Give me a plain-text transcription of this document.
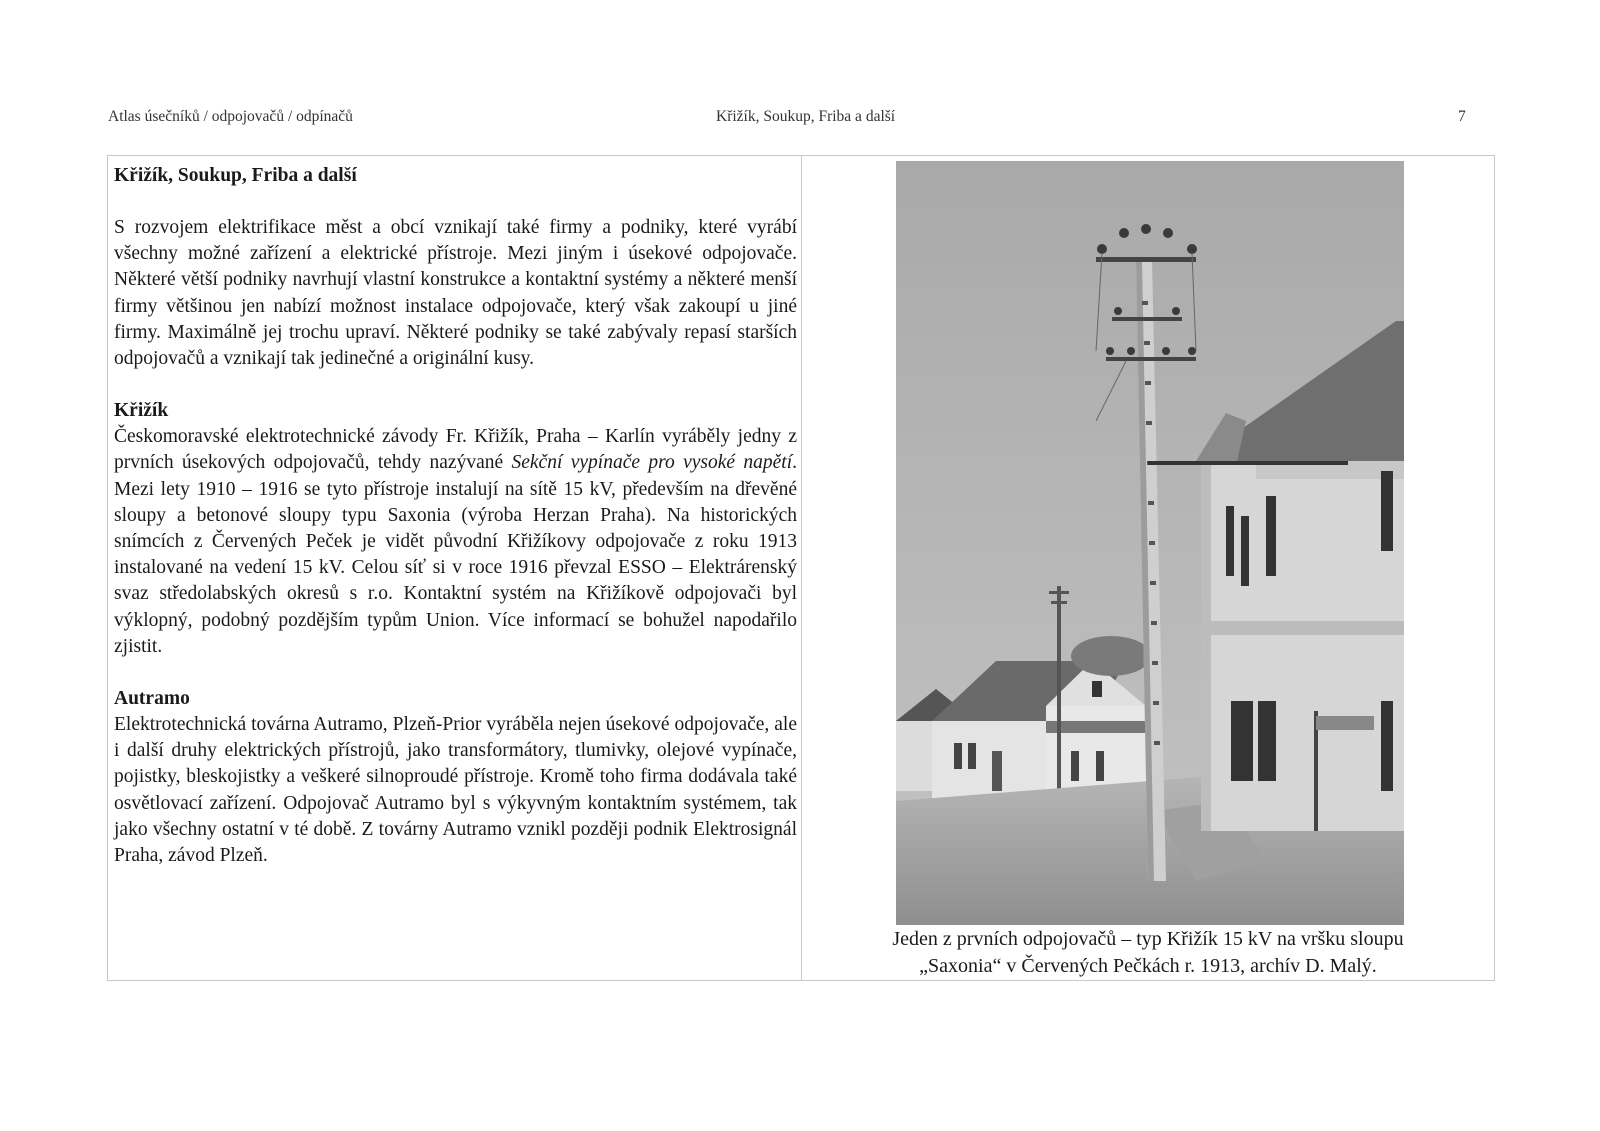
Atlas úsečníků / odpojovačů / odpínačů	Křižík, Soukup, Friba a další	7
Křižík, Soukup, Friba a další

S rozvojem elektrifikace měst a obcí vznikají také firmy a podniky, které vyrábí všechny možné zařízení a elektrické přístroje. Mezi jiným i úsekové odpojovače. Některé větší podniky navrhují vlastní konstrukce a kontaktní systémy a některé menší firmy většinou jen nabízí možnost instalace odpojovače, který však zakoupí u jiné firmy. Maximálně jej trochu upraví. Některé podniky se také zabývaly repasí starších odpojovačů a vznikají tak jedinečné a originální kusy.

Křižík

Českomoravské elektrotechnické závody Fr. Křižík, Praha – Karlín vyráběly jedny z prvních úsekových odpojovačů, tehdy nazývané Sekční vypínače pro vysoké napětí. Mezi lety 1910 – 1916 se tyto přístroje instalují na sítě 15 kV, především na dřevěné sloupy a betonové sloupy typu Saxonia (výroba Herzan Praha). Na historických snímcích z Červených Peček je vidět původní Křižíkovy odpojovače z roku 1913 instalované na vedení 15 kV. Celou síť si v roce 1916 převzal ESSO – Elektrárenský svaz středolabských okresů s r.o. Kontaktní systém na Křižíkově odpojovači byl výklopný, podobný pozdějším typům Union. Více informací se bohužel napodařilo zjistit.

Autramo

Elektrotechnická továrna Autramo, Plzeň-Prior vyráběla nejen úsekové odpojovače, ale i další druhy elektrických přístrojů, jako transformátory, tlumivky, olejové vypínače, pojistky, bleskojistky a veškeré silnoproudé přístroje. Kromě toho firma dodávala také osvětlovací zařízení. Odpojovač Autramo byl s výkyvným kontaktním systémem, tak jako všechny ostatní v té době. Z továrny Autramo vznikl později podnik Elektrosignál Praha, závod Plzeň.

Jeden z prvních odpojovačů – typ Křižík 15 kV na vršku sloupu
„Saxonia“ v Červených Pečkách r. 1913, archív D. Malý.
